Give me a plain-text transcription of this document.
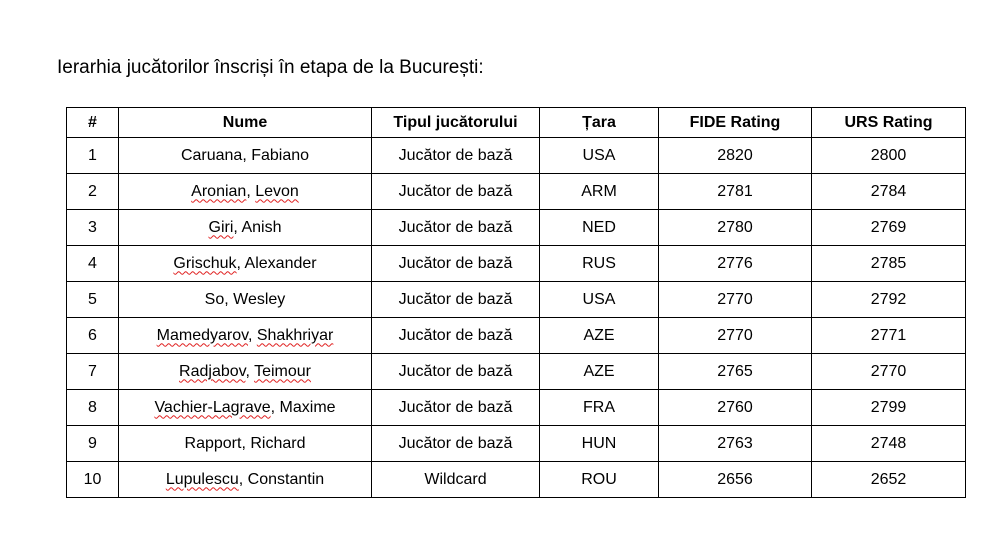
Ierarhia jucătorilor înscriși în etapa de la București:
#	Nume	Tipul jucătorului	Țara	FIDE Rating	URS Rating
1	Caruana, Fabiano	Jucător de bază	USA	2820	2800
2	Aronian, Levon	Jucător de bază	ARM	2781	2784
3	Giri, Anish	Jucător de bază	NED	2780	2769
4	Grischuk, Alexander	Jucător de bază	RUS	2776	2785
5	So, Wesley	Jucător de bază	USA	2770	2792
6	Mamedyarov, Shakhriyar	Jucător de bază	AZE	2770	2771
7	Radjabov, Teimour	Jucător de bază	AZE	2765	2770
8	Vachier-Lagrave, Maxime	Jucător de bază	FRA	2760	2799
9	Rapport, Richard	Jucător de bază	HUN	2763	2748
10	Lupulescu, Constantin	Wildcard	ROU	2656	2652
